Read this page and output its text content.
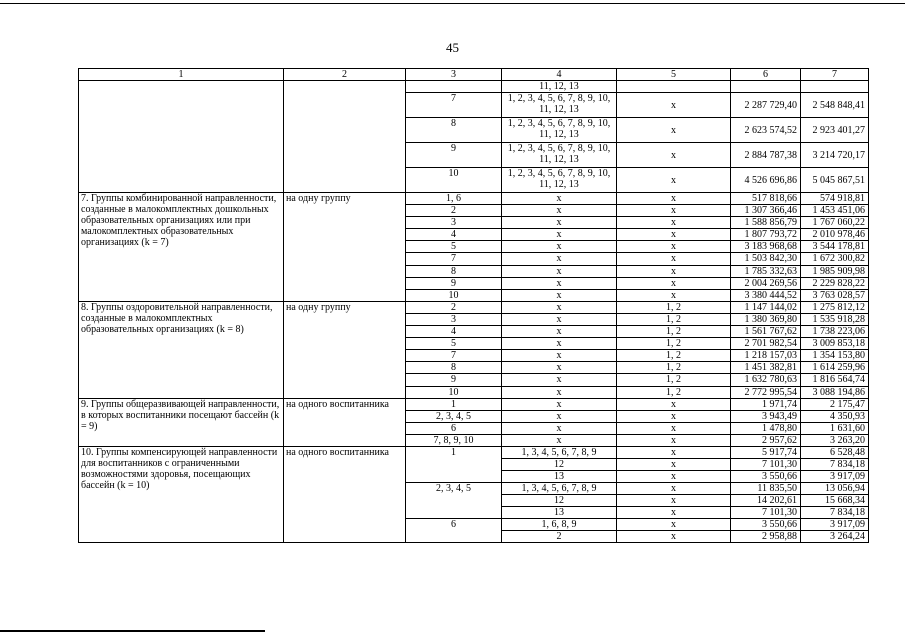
45
1	2	3	4	5	6	7
			11, 12, 13			
		7	1, 2, 3, 4, 5, 6, 7, 8, 9, 10, 11, 12, 13	х	2 287 729,40	2 548 848,41
		8	1, 2, 3, 4, 5, 6, 7, 8, 9, 10, 11, 12, 13	х	2 623 574,52	2 923 401,27
		9	1, 2, 3, 4, 5, 6, 7, 8, 9, 10, 11, 12, 13	х	2 884 787,38	3 214 720,17
		10	1, 2, 3, 4, 5, 6, 7, 8, 9, 10, 11, 12, 13	х	4 526 696,86	5 045 867,51
7. Группы комбинированной направленности, созданные в малокомплектных дошкольных образовательных организациях или при малокомплектных образовательных организациях (k = 7)	на одну группу	1, 6	х	х	517 818,66	574 918,81
		2	х	х	1 307 366,46	1 453 451,06
		3	х	х	1 588 856,79	1 767 060,22
		4	х	х	1 807 793,72	2 010 978,46
		5	х	х	3 183 968,68	3 544 178,81
		7	х	х	1 503 842,30	1 672 300,82
		8	х	х	1 785 332,63	1 985 909,98
		9	х	х	2 004 269,56	2 229 828,22
		10	х	х	3 380 444,52	3 763 028,57
8. Группы оздоровительной направленности, созданные в малокомплектных образовательных организациях (k = 8)	на одну группу	2	х	1, 2	1 147 144,02	1 275 812,12
		3	х	1, 2	1 380 369,80	1 535 918,28
		4	х	1, 2	1 561 767,62	1 738 223,06
		5	х	1, 2	2 701 982,54	3 009 853,18
		7	х	1, 2	1 218 157,03	1 354 153,80
		8	х	1, 2	1 451 382,81	1 614 259,96
		9	х	1, 2	1 632 780,63	1 816 564,74
		10	х	1, 2	2 772 995,54	3 088 194,86
9. Группы общеразвивающей направленности, в которых воспитанники посещают бассейн (k = 9)	на одного воспитанника	1	х	х	1 971,74	2 175,47
		2, 3, 4, 5	х	х	3 943,49	4 350,93
		6	х	х	1 478,80	1 631,60
		7, 8, 9, 10	х	х	2 957,62	3 263,20
10. Группы компенсирующей направленности для воспитанников с ограниченными возможностями здоровья, посещающих бассейн (k = 10)	на одного воспитанника	1	1, 3, 4, 5, 6, 7, 8, 9	х	5 917,74	6 528,48
			12	х	7 101,30	7 834,18
			13	х	3 550,66	3 917,09
		2, 3, 4, 5	1, 3, 4, 5, 6, 7, 8, 9	х	11 835,50	13 056,94
			12	х	14 202,61	15 668,34
			13	х	7 101,30	7 834,18
		6	1, 6, 8, 9	х	3 550,66	3 917,09
			2	х	2 958,88	3 264,24
